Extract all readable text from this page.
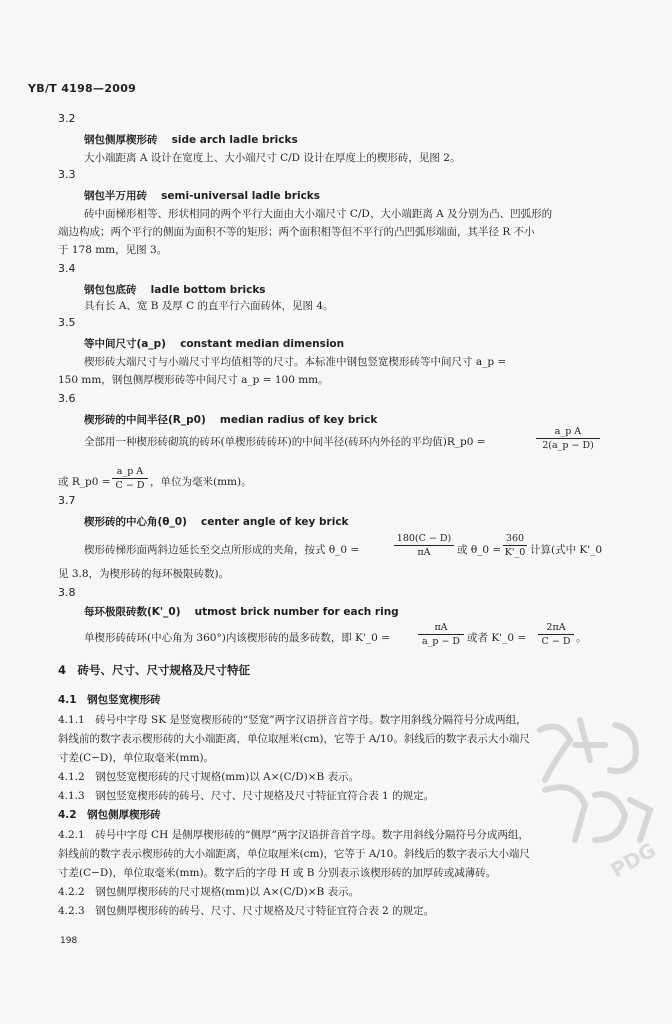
YB/T 4198—2009
3.2
钢包侧厚楔形砖　 side arch ladle bricks
大小端距离 A 设计在宽度上、大小端尺寸 C/D 设计在厚度上的楔形砖，见图 2。
3.3
钢包半万用砖　 semi-universal ladle bricks
砖中面梯形相等、形状相同的两个平行大面由大小端尺寸 C/D、大小端距离 A 及分别为凸、凹弧形的
端边构成；两个平行的侧面为面积不等的矩形；两个面积相等但不平行的凸凹弧形端面，其半径 R 不小
于 178 mm，见图 3。
3.4
钢包包底砖　 ladle bottom bricks
具有长 A、宽 B 及厚 C 的直平行六面砖体，见图 4。
3.5
等中间尺寸(a_p)　 constant median dimension
楔形砖大端尺寸与小端尺寸平均值相等的尺寸。本标准中钢包竖宽楔形砖等中间尺寸 a_p =
150 mm，钢包侧厚楔形砖等中间尺寸 a_p = 100 mm。
3.6
楔形砖的中间半径(R_p0)　 median radius of key brick
全部用一种楔形砖砌筑的砖环(单楔形砖砖环)的中间半径(砖环内外径的平均值)R_p0 =
a_p A
2(a_p − D)
或 R_p0 =
a_p A
C − D ，单位为毫米(mm)。
3.7
楔形砖的中心角(θ_0)　 center angle of key brick
楔形砖梯形面两斜边延长至交点所形成的夹角，按式 θ_0 =
180(C − D)
πA	或 θ_0 =
360
K'_0 计算(式中 K'_0
见 3.8，为楔形砖的每环极限砖数)。
3.8
每环极限砖数(K'_0)　 utmost brick number for each ring
单楔形砖砖环(中心角为 360°)内该楔形砖的最多砖数，即 K'_0 =
πA
a_p − D 或者 K'_0 =
2πA
C − D 。
4　砖号、尺寸、尺寸规格及尺寸特征
4.1　钢包竖宽楔形砖
4.1.1　砖号中字母 SK 是竖宽楔形砖的“竖宽”两字汉语拼音首字母。数字用斜线分隔符号分成两组，
斜线前的数字表示楔形砖的大小端距离，单位取厘米(cm)，它等于 A/10。斜线后的数字表示大小端尺
寸差(C−D)，单位取毫米(mm)。
4.1.2　钢包竖宽楔形砖的尺寸规格(mm)以 A×(C/D)×B 表示。
4.1.3　钢包竖宽楔形砖的砖号、尺寸、尺寸规格及尺寸特征宜符合表 1 的规定。
4.2　钢包侧厚楔形砖
4.2.1　砖号中字母 CH 是侧厚楔形砖的“侧厚”两字汉语拼音首字母。数字用斜线分隔符号分成两组，
斜线前的数字表示楔形砖的大小端距离，单位取厘米(cm)，它等于 A/10。斜线后的数字表示大小端尺
寸差(C−D)，单位取毫米(mm)。数字后的字母 H 或 B 分别表示该楔形砖的加厚砖或减薄砖。
4.2.2　钢包侧厚楔形砖的尺寸规格(mm)以 A×(C/D)×B 表示。
4.2.3　钢包侧厚楔形砖的砖号、尺寸、尺寸规格及尺寸特征宜符合表 2 的规定。
PDG
198
